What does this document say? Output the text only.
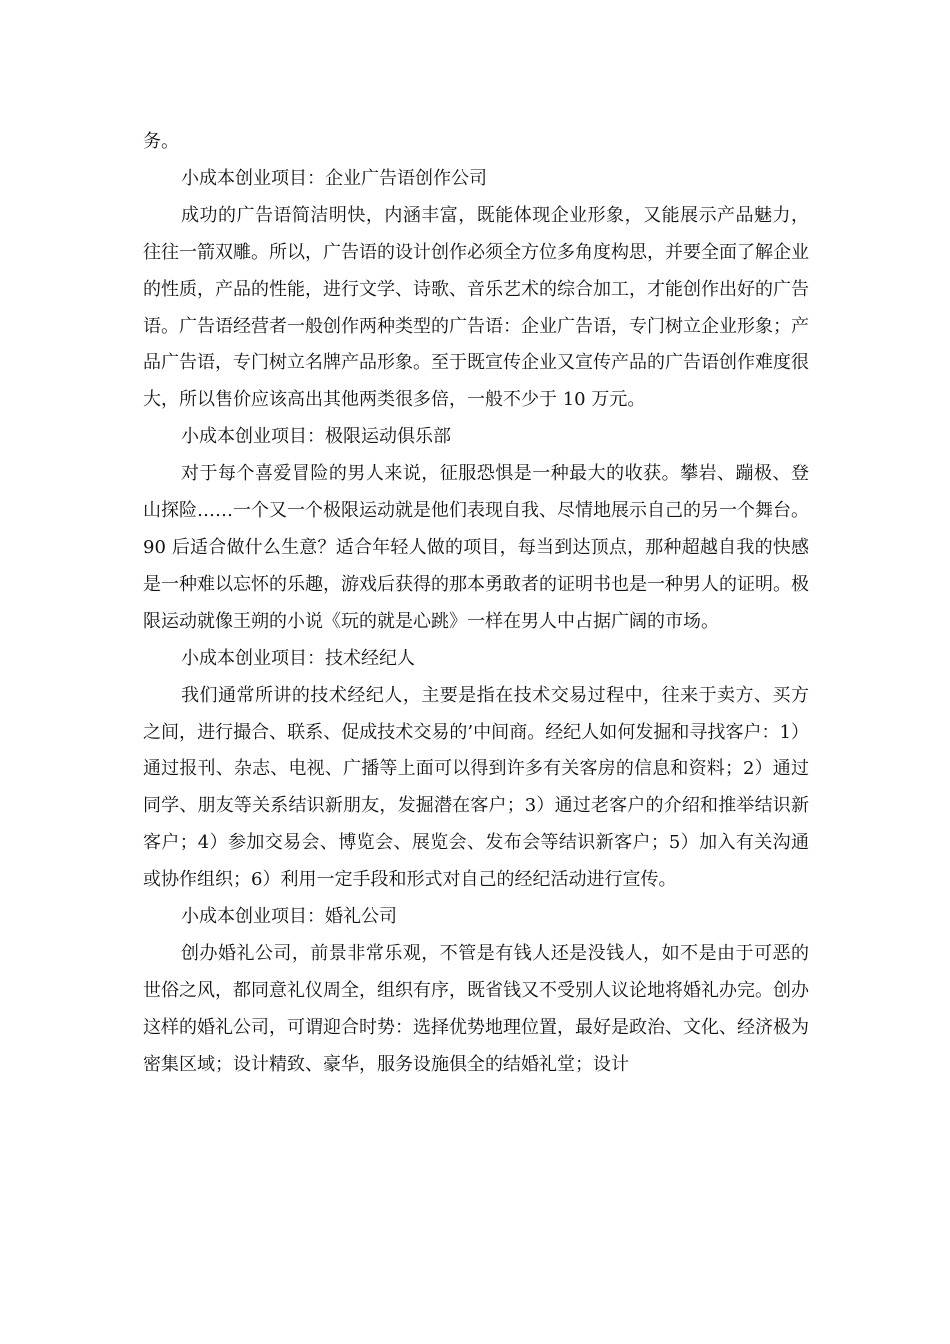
务。

小成本创业项目：企业广告语创作公司

成功的广告语简洁明快，内涵丰富，既能体现企业形象，又能展示产品魅力，往往一箭双雕。所以，广告语的设计创作必须全方位多角度构思，并要全面了解企业的性质，产品的性能，进行文学、诗歌、音乐艺术的综合加工，才能创作出好的广告语。广告语经营者一般创作两种类型的广告语：企业广告语，专门树立企业形象；产品广告语，专门树立名牌产品形象。至于既宣传企业又宣传产品的广告语创作难度很大，所以售价应该高出其他两类很多倍，一般不少于 10 万元。

小成本创业项目：极限运动俱乐部

对于每个喜爱冒险的男人来说，征服恐惧是一种最大的收获。攀岩、蹦极、登山探险……一个又一个极限运动就是他们表现自我、尽情地展示自己的另一个舞台。90 后适合做什么生意？适合年轻人做的项目，每当到达顶点，那种超越自我的快感是一种难以忘怀的乐趣，游戏后获得的那本勇敢者的证明书也是一种男人的证明。极限运动就像王朔的小说《玩的就是心跳》一样在男人中占据广阔的市场。

小成本创业项目：技术经纪人

我们通常所讲的技术经纪人，主要是指在技术交易过程中，往来于卖方、买方之间，进行撮合、联系、促成技术交易的’中间商。经纪人如何发掘和寻找客户：1）通过报刊、杂志、电视、广播等上面可以得到许多有关客房的信息和资料；2）通过同学、朋友等关系结识新朋友，发掘潜在客户；3）通过老客户的介绍和推举结识新客户；4）参加交易会、博览会、展览会、发布会等结识新客户；5）加入有关沟通或协作组织；6）利用一定手段和形式对自己的经纪活动进行宣传。

小成本创业项目：婚礼公司

创办婚礼公司，前景非常乐观，不管是有钱人还是没钱人，如不是由于可恶的世俗之风，都同意礼仪周全，组织有序，既省钱又不受别人议论地将婚礼办完。创办这样的婚礼公司，可谓迎合时势：选择优势地理位置，最好是政治、文化、经济极为密集区域；设计精致、豪华，服务设施俱全的结婚礼堂；设计
